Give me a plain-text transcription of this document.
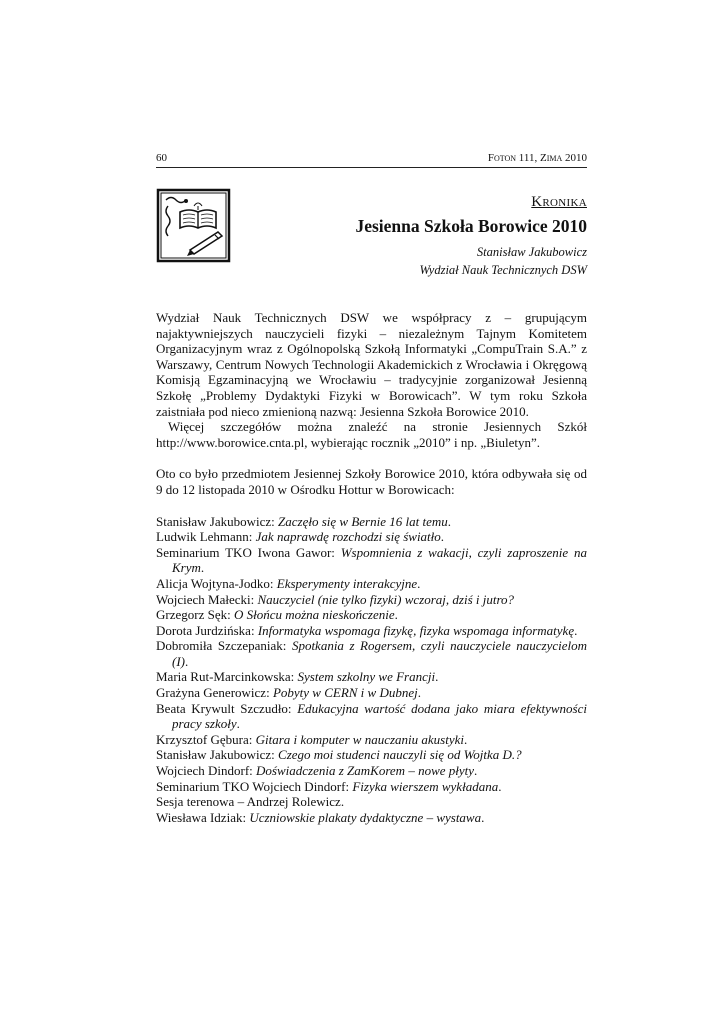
60	Foton 111, Zima 2010
Kronika
Jesienna Szkoła Borowice 2010
Stanisław Jakubowicz
Wydział Nauk Technicznych DSW
Wydział Nauk Technicznych DSW we współpracy z – grupującym najaktywniejszych nauczycieli fizyki – niezależnym Tajnym Komitetem Organizacyjnym wraz z Ogólnopolską Szkołą Informatyki „CompuTrain S.A.” z Warszawy, Centrum Nowych Technologii Akademickich z Wrocławia i Okręgową Komisją Egzaminacyjną we Wrocławiu – tradycyjnie zorganizował Jesienną Szkołę „Problemy Dydaktyki Fizyki w Borowicach”. W tym roku Szkoła zaistniała pod nieco zmienioną nazwą: Jesienna Szkoła Borowice 2010.
Więcej szczegółów można znaleźć na stronie Jesiennych Szkół http://www.borowice.cnta.pl, wybierając rocznik „2010” i np. „Biuletyn”.
Oto co było przedmiotem Jesiennej Szkoły Borowice 2010, która odbywała się od 9 do 12 listopada 2010 w Ośrodku Hottur w Borowicach:
Stanisław Jakubowicz: Zaczęło się w Bernie 16 lat temu.
Ludwik Lehmann: Jak naprawdę rozchodzi się światło.
Seminarium TKO Iwona Gawor: Wspomnienia z wakacji, czyli zaproszenie na Krym.
Alicja Wojtyna-Jodko: Eksperymenty interakcyjne.
Wojciech Małecki: Nauczyciel (nie tylko fizyki) wczoraj, dziś i jutro?
Grzegorz Sęk: O Słońcu można nieskończenie.
Dorota Jurdzińska: Informatyka wspomaga fizykę, fizyka wspomaga informatykę.
Dobromiła Szczepaniak: Spotkania z Rogersem, czyli nauczyciele nauczycielom (I).
Maria Rut-Marcinkowska: System szkolny we Francji.
Grażyna Generowicz: Pobyty w CERN i w Dubnej.
Beata Krywult Szczudło: Edukacyjna wartość dodana jako miara efektywności pracy szkoły.
Krzysztof Gębura: Gitara i komputer w nauczaniu akustyki.
Stanisław Jakubowicz: Czego moi studenci nauczyli się od Wojtka D.?
Wojciech Dindorf: Doświadczenia z ZamKorem – nowe płyty.
Seminarium TKO Wojciech Dindorf: Fizyka wierszem wykładana.
Sesja terenowa – Andrzej Rolewicz.
Wiesława Idziak: Uczniowskie plakaty dydaktyczne – wystawa.
